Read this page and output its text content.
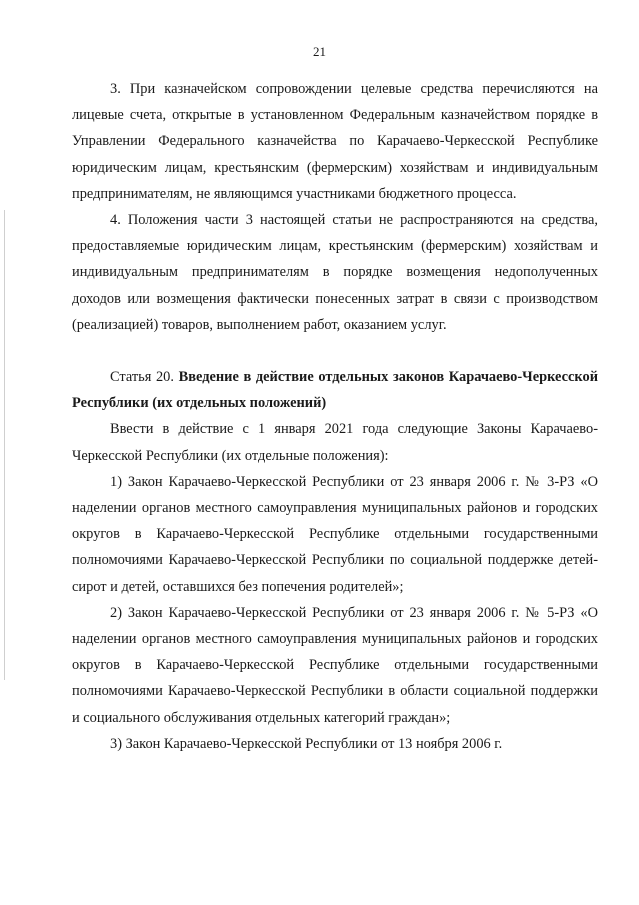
21

3. При казначейском сопровождении целевые средства перечисляются на лицевые счета, открытые в установленном Федеральным казначейством порядке в Управлении Федерального казначейства по Карачаево-Черкесской Республике юридическим лицам, крестьянским (фермерским) хозяйствам и индивидуальным предпринимателям, не являющимся участниками бюджетного процесса.

4. Положения части 3 настоящей статьи не распространяются на средства, предоставляемые юридическим лицам, крестьянским (фермерским) хозяйствам и индивидуальным предпринимателям в порядке возмещения недополученных доходов или возмещения фактически понесенных затрат в связи с производством (реализацией) товаров, выполнением работ, оказанием услуг.

Статья 20. Введение в действие отдельных законов Карачаево-Черкесской Республики (их отдельных положений)

Ввести в действие с 1 января 2021 года следующие Законы Карачаево-Черкесской Республики (их отдельные положения):

1) Закон Карачаево-Черкесской Республики от 23 января 2006 г. № 3-РЗ «О наделении органов местного самоуправления муниципальных районов и городских округов в Карачаево-Черкесской Республике отдельными государственными полномочиями Карачаево-Черкесской Республики по социальной поддержке детей-сирот и детей, оставшихся без попечения родителей»;

2) Закон Карачаево-Черкесской Республики от 23 января 2006 г. № 5-РЗ «О наделении органов местного самоуправления муниципальных районов и городских округов в Карачаево-Черкесской Республике отдельными государственными полномочиями Карачаево-Черкесской Республики в области социальной поддержки и социального обслуживания отдельных категорий граждан»;

3) Закон Карачаево-Черкесской Республики от 13 ноября 2006 г.
